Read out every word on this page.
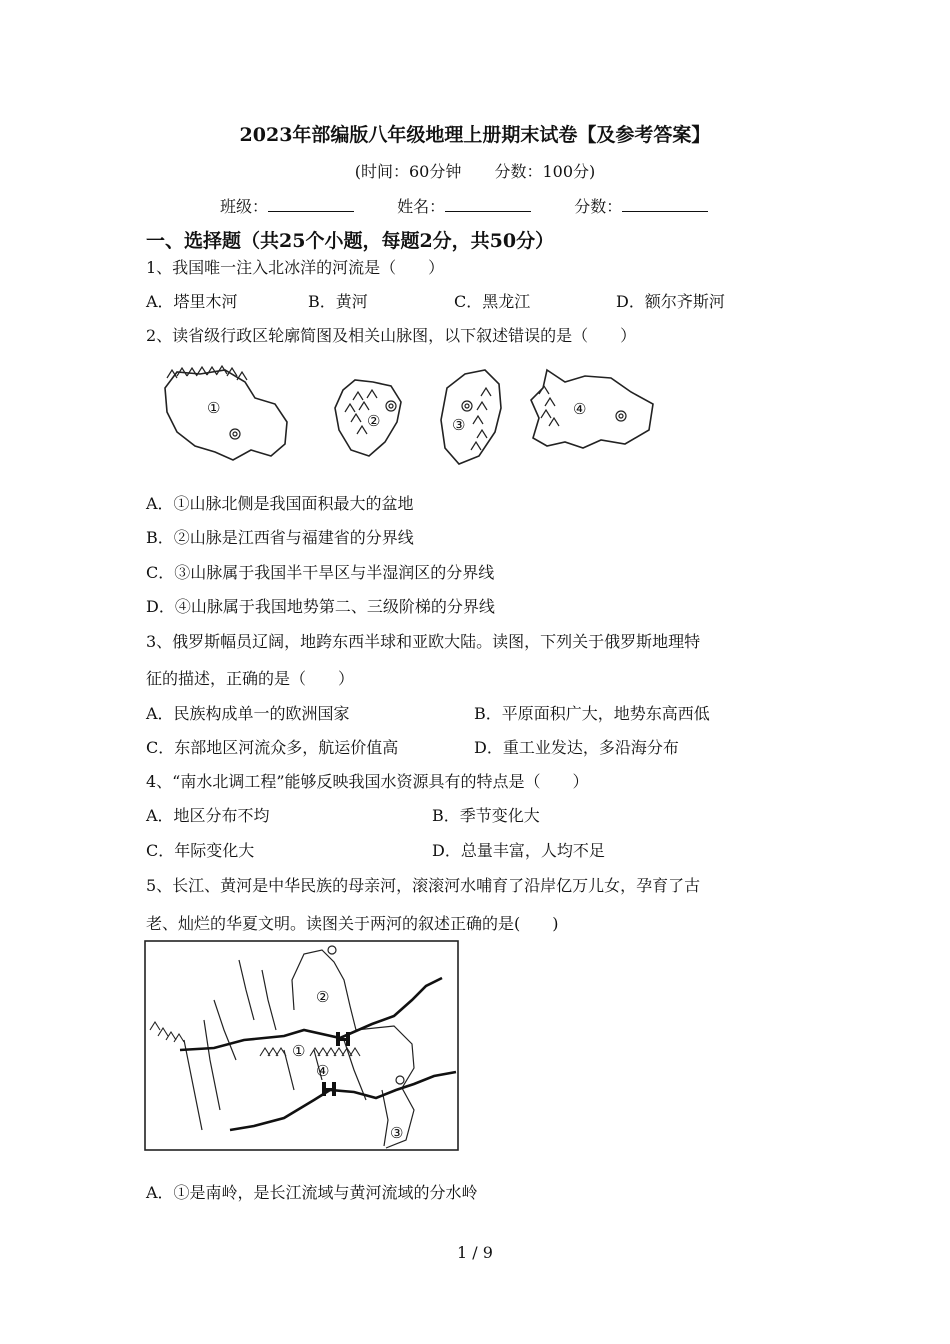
2023年部编版八年级地理上册期末试卷【及参考答案】
(时间：60分钟 分数：100分)
班级：	姓名：	分数：
一、选择题（共25个小题，每题2分，共50分）
1、我国唯一注入北冰洋的河流是（　　）
A．塔里木河	B．黄河	C．黑龙江	D．额尔齐斯河
2、读省级行政区轮廓简图及相关山脉图，以下叙述错误的是（　　）
①
②	③
④
A．①山脉北侧是我国面积最大的盆地
B．②山脉是江西省与福建省的分界线
C．③山脉属于我国半干旱区与半湿润区的分界线
D．④山脉属于我国地势第二、三级阶梯的分界线
3、俄罗斯幅员辽阔，地跨东西半球和亚欧大陆。读图，下列关于俄罗斯地理特
征的描述，正确的是（　　）
A．民族构成单一的欧洲国家	B．平原面积广大，地势东高西低
C．东部地区河流众多，航运价值高	D．重工业发达，多沿海分布
4、“南水北调工程”能够反映我国水资源具有的特点是（　　）
A．地区分布不均	B．季节变化大
C．年际变化大	D．总量丰富，人均不足
5、长江、黄河是中华民族的母亲河，滚滚河水哺育了沿岸亿万儿女，孕育了古
老、灿烂的华夏文明。读图关于两河的叙述正确的是(　　)
①
②
③
④
A．①是南岭，是长江流域与黄河流域的分水岭
1 / 9
